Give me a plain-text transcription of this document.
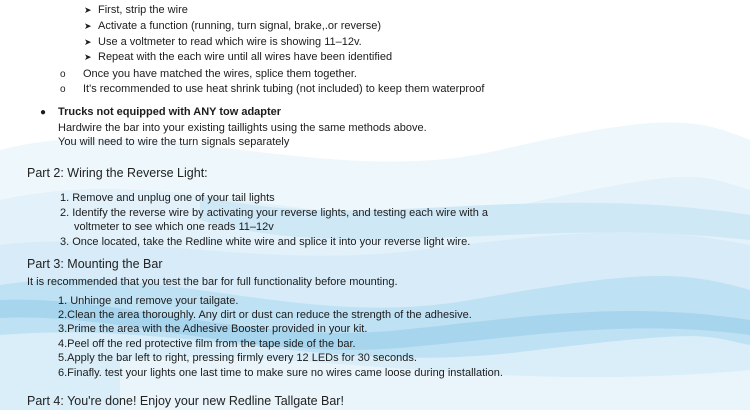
➤ First, strip the wire
➤ Activate a function (running, turn signal, brake,.or reverse)
➤ Use a voltmeter to read which wire is showing 11–12v.
➤ Repeat with the each wire until all wires have been identified
o Once you have matched the wires, splice them together.
o It's recommended to use heat shrink tubing (not included) to keep them waterproof
● Trucks not equipped with ANY tow adapter
Hardwire the bar into your existing taillights using the same methods above.
You will need to wire the turn signals separately
Part 2: Wiring the Reverse Light:
1. Remove and unplug one of your tail lights
2. Identify the reverse wire by activating your reverse lights, and testing each wire with a
voltmeter to see which one reads 11–12v
3. Once located, take the Redline white wire and splice it into your reverse light wire.
Part 3: Mounting the Bar
It is recommended that you test the bar for full functionality before mounting.
1. Unhinge and remove your tailgate.
2.Clean the area thoroughly. Any dirt or dust can reduce the strength of the adhesive.
3.Prime the area with the Adhesive Booster provided in your kit.
4.Peel off the red protective film from the tape side of the bar.
5.Apply the bar left to right, pressing firmly every 12 LEDs for 30 seconds.
6.Finafly. test your lights one last time to make sure no wires came loose during installation.
Part 4: You're done! Enjoy your new Redline Tallgate Bar!
